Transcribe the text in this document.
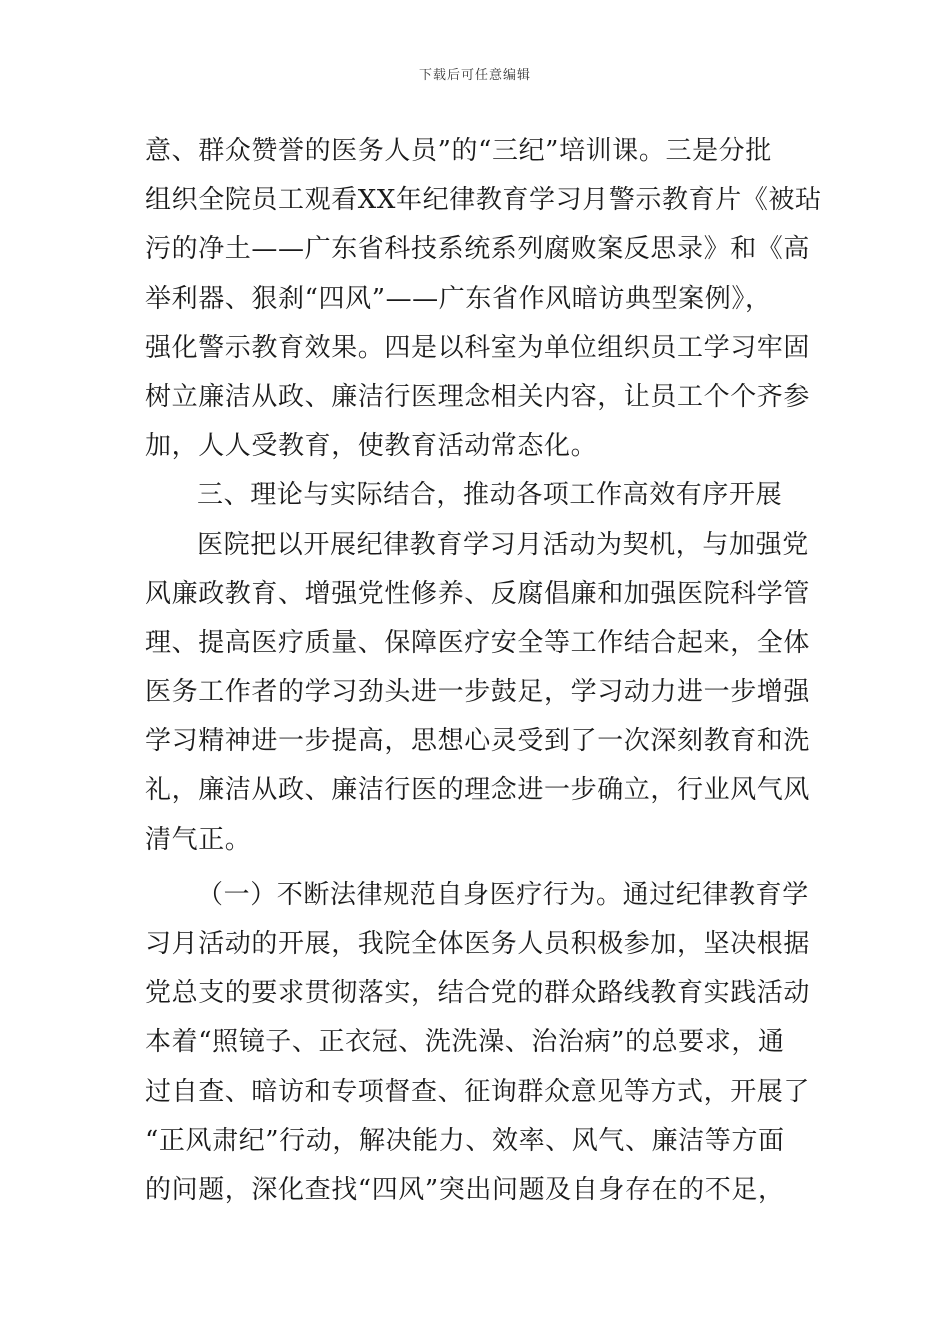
下载后可任意编辑
意、群众赞誉的医务人员”的“三纪”培训课。三是分批
组织全院员工观看XX年纪律教育学习月警示教育片《被玷
污的净土——广东省科技系统系列腐败案反思录》和《高
举利器、狠刹“四风”——广东省作风暗访典型案例》，
强化警示教育效果。四是以科室为单位组织员工学习牢固
树立廉洁从政、廉洁行医理念相关内容，让员工个个齐参
加，人人受教育，使教育活动常态化。
三、理论与实际结合，推动各项工作高效有序开展
医院把以开展纪律教育学习月活动为契机，与加强党
风廉政教育、增强党性修养、反腐倡廉和加强医院科学管
理、提高医疗质量、保障医疗安全等工作结合起来，全体
医务工作者的学习劲头进一步鼓足，学习动力进一步增强
学习精神进一步提高，思想心灵受到了一次深刻教育和洗
礼，廉洁从政、廉洁行医的理念进一步确立，行业风气风
清气正。
（一）不断法律规范自身医疗行为。通过纪律教育学
习月活动的开展，我院全体医务人员积极参加，坚决根据
党总支的要求贯彻落实，结合党的群众路线教育实践活动
本着“照镜子、正衣冠、洗洗澡、治治病”的总要求，通
过自查、暗访和专项督查、征询群众意见等方式，开展了
“正风肃纪”行动，解决能力、效率、风气、廉洁等方面
的问题，深化查找“四风”突出问题及自身存在的不足，
